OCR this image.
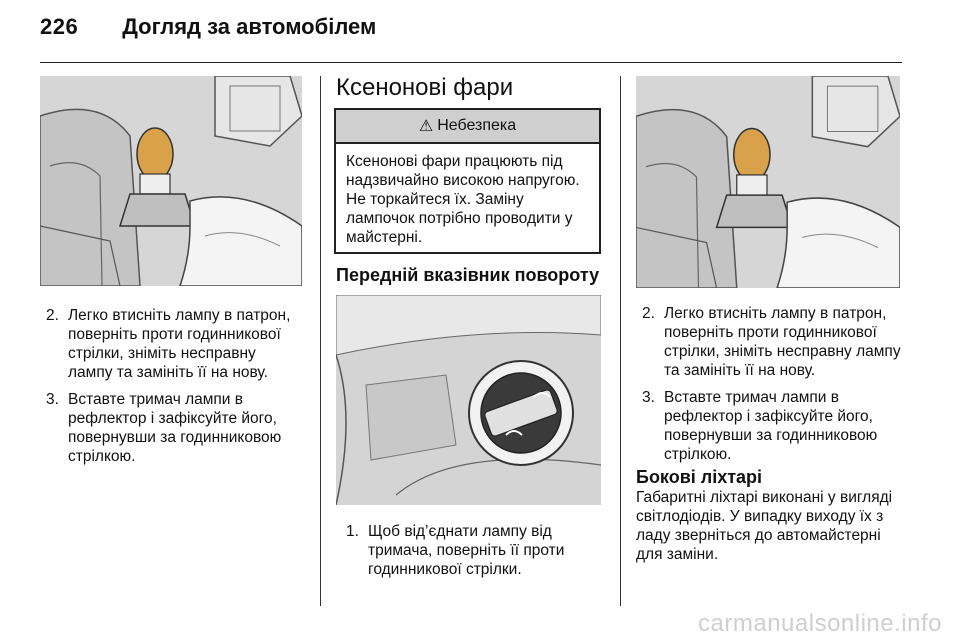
226 Догляд за автомобілем
2. Легко втисніть лампу в патрон, поверніть проти годинникової стрілки, зніміть несправну лампу та замініть її на нову.
3. Вставте тримач лампи в рефлектор і зафіксуйте його, повернувши за годинниковою стрілкою.
Ксенонові фари
⚠ Небезпека
Ксенонові фари працюють під надзвичайно високою напругою. Не торкайтеся їх. Заміну лампочок потрібно проводити у майстерні.
Передній вказівник повороту
1. Щоб від’єднати лампу від тримача, поверніть її проти годинникової стрілки.
2. Легко втисніть лампу в патрон, поверніть проти годинникової стрілки, зніміть несправну лампу та замініть її на нову.
3. Вставте тримач лампи в рефлектор і зафіксуйте його, повернувши за годинниковою стрілкою.
Бокові ліхтарі
Габаритні ліхтарі виконані у вигляді світлодіодів. У випадку виходу їх з ладу зверніться до автомайстерні для заміни.
carmanualsonline.info
